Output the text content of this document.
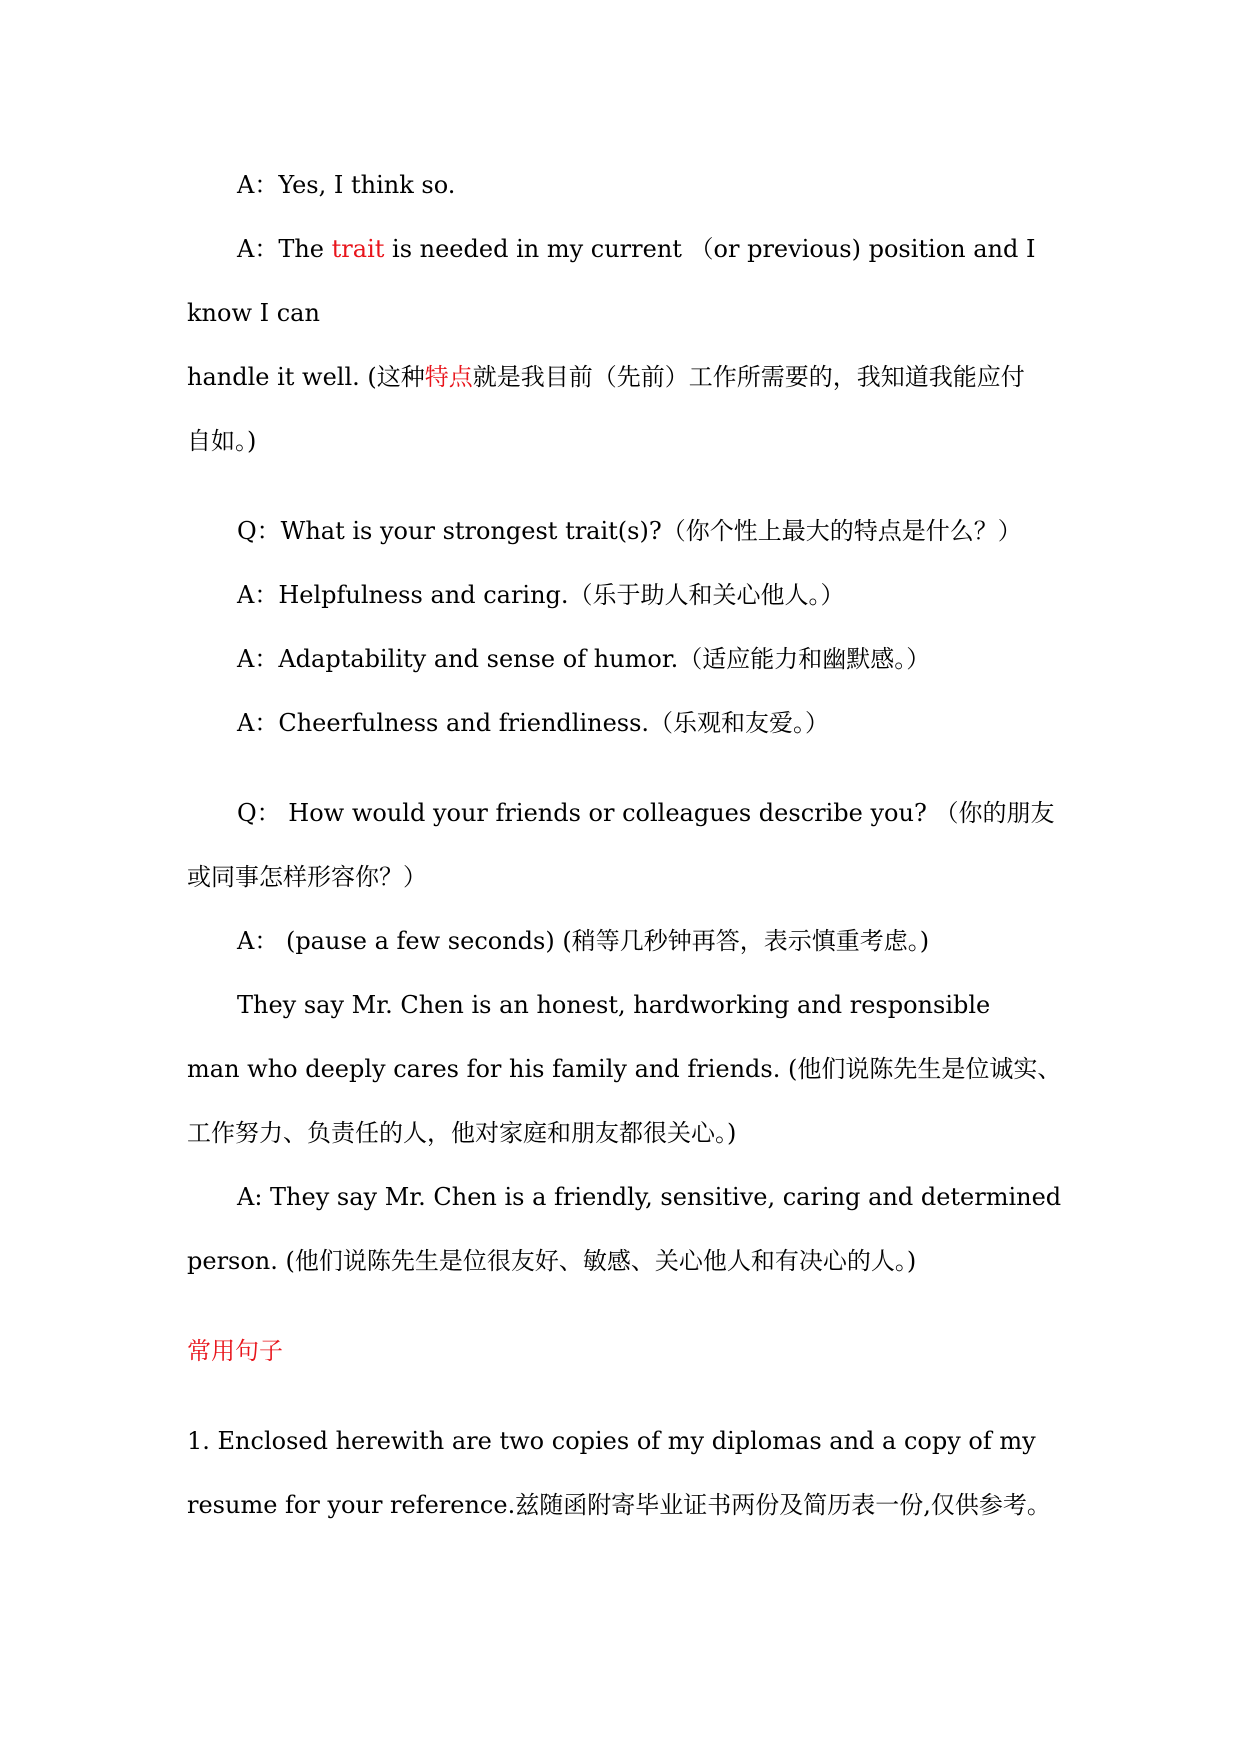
A：Yes, I think so.
A：The trait is needed in my current （or previous) position and I
know I can
handle it well. (这种特点就是我目前（先前）工作所需要的，我知道我能应付
自如。)
Q：What is your strongest trait(s)?（你个性上最大的特点是什么？）
A：Helpfulness and caring.（乐于助人和关心他人。）
A：Adaptability and sense of humor.（适应能力和幽默感。）
A：Cheerfulness and friendliness.（乐观和友爱。）
Q： How would your friends or colleagues describe you? （你的朋友
或同事怎样形容你？）
A： (pause a few seconds) (稍等几秒钟再答，表示慎重考虑。)
They say Mr. Chen is an honest, hardworking and responsible
man who deeply cares for his family and friends. (他们说陈先生是位诚实、
工作努力、负责任的人，他对家庭和朋友都很关心。)
A: They say Mr. Chen is a friendly, sensitive, caring and determined
person. (他们说陈先生是位很友好、敏感、关心他人和有决心的人。)
常用句子
1. Enclosed herewith are two copies of my diplomas and a copy of my
resume for your reference.兹随函附寄毕业证书两份及简历表一份,仅供参考。
